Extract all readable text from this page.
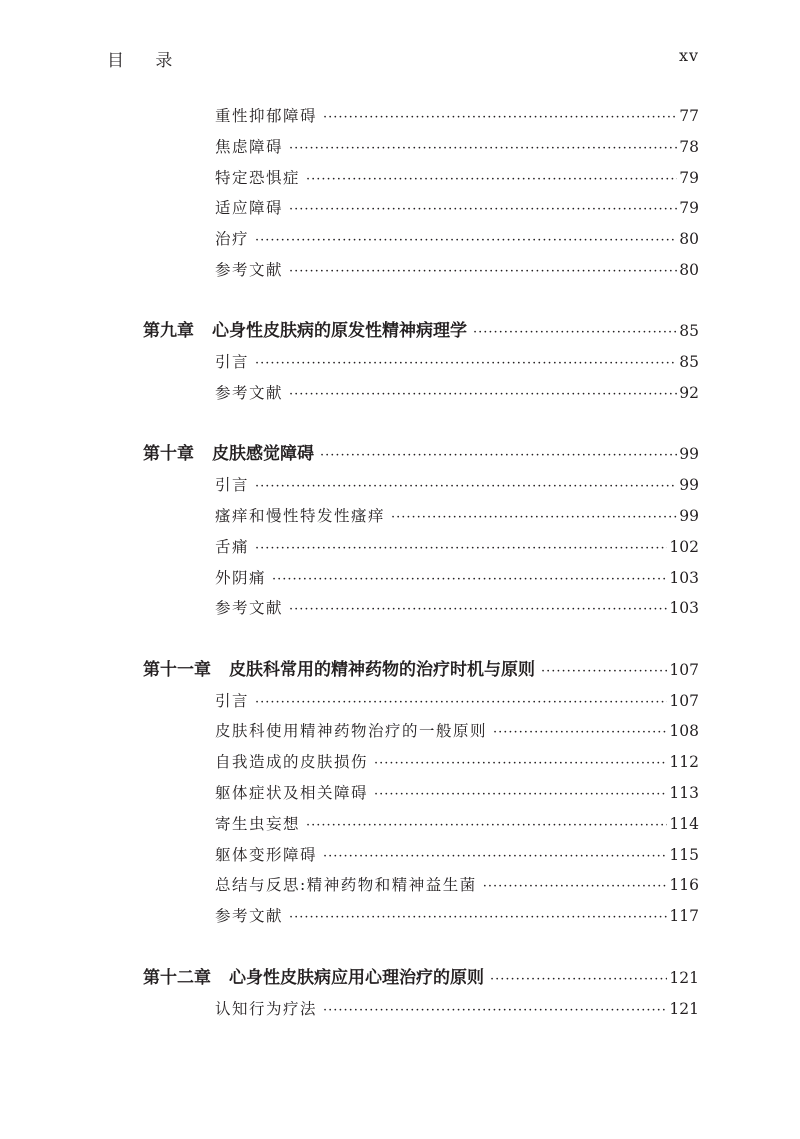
目 录	xv
重性抑郁障碍 ·····	77
焦虑障碍 ·····	78
特定恐惧症 ·····	79
适应障碍 ·····	79
治疗 ·····	80
参考文献 ·····	80
第九章 心身性皮肤病的原发性精神病理学 ·····	85
引言 ·····	85
参考文献 ·····	92
第十章 皮肤感觉障碍 ·····	99
引言 ·····	99
瘙痒和慢性特发性瘙痒 ·····	99
舌痛 ·····	102
外阴痛 ·····	103
参考文献 ·····	103
第十一章 皮肤科常用的精神药物的治疗时机与原则 ·····	107
引言 ·····	107
皮肤科使用精神药物治疗的一般原则 ·····	108
自我造成的皮肤损伤 ·····	112
躯体症状及相关障碍 ·····	113
寄生虫妄想 ·····	114
躯体变形障碍 ·····	115
总结与反思:精神药物和精神益生菌 ·····	116
参考文献 ·····	117
第十二章 心身性皮肤病应用心理治疗的原则 ·····	121
认知行为疗法 ·····	121
